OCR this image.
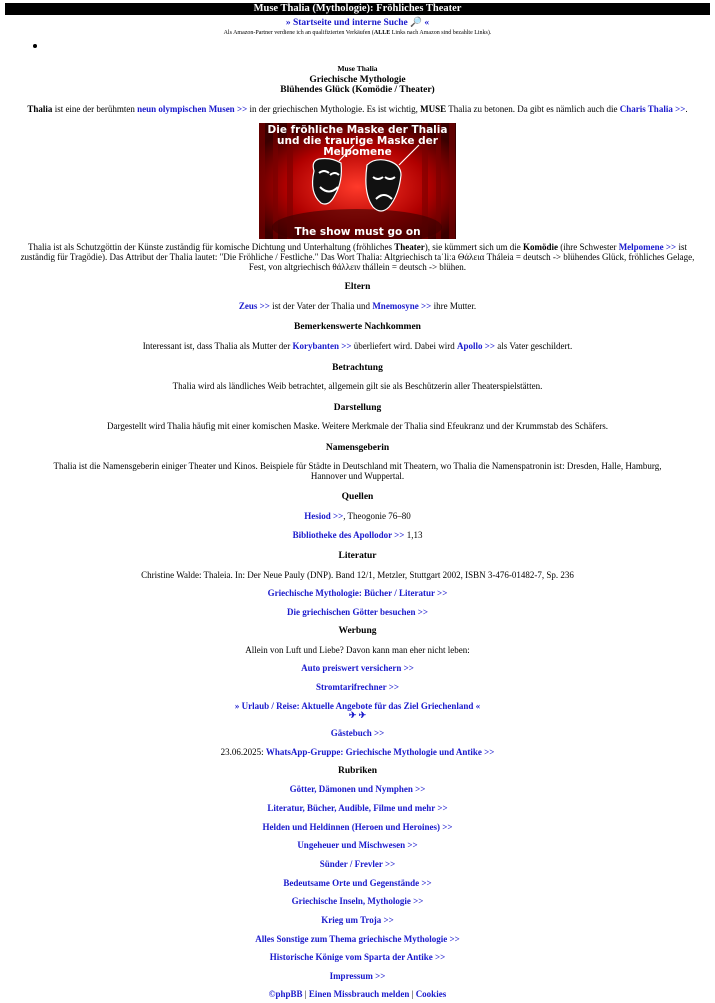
Muse Thalia (Mythologie): Fröhliches Theater
» Startseite und interne Suche 🔎 «
Als Amazon-Partner verdiene ich an qualifizierten Verkäufen (ALLE Links nach Amazon sind bezahlte Links).
Muse Thalia
Griechische Mythologie
Blühendes Glück (Komödie / Theater)
Thalia ist eine der berühmten neun olympischen Musen >> in der griechischen Mythologie. Es ist wichtig, MUSE Thalia zu betonen. Da gibt es nämlich auch die Charis Thalia >>.
Die fröhliche Maske der Thalia und die traurige Maske der Melpomene
The show must go on
Thalia ist als Schutzgöttin der Künste zuständig für komische Dichtung und Unterhaltung (fröhliches Theater), sie kümmert sich um die Komödie (ihre Schwester Melpomene >> ist zuständig für Tragödie). Das Attribut der Thalia lautet: "Die Fröhliche / Festliche." Das Wort Thalia: Altgriechisch taˈliːa Θάλεια Tháleia = deutsch -> blühendes Glück, fröhliches Gelage, Fest, von altgriechisch θάλλειν thállein = deutsch -> blühen.
Eltern
Zeus >> ist der Vater der Thalia und Mnemosyne >> ihre Mutter.
Bemerkenswerte Nachkommen
Interessant ist, dass Thalia als Mutter der Korybanten >> überliefert wird. Dabei wird Apollo >> als Vater geschildert.
Betrachtung
Thalia wird als ländliches Weib betrachtet, allgemein gilt sie als Beschützerin aller Theaterspielstätten.
Darstellung
Dargestellt wird Thalia häufig mit einer komischen Maske. Weitere Merkmale der Thalia sind Efeukranz und der Krummstab des Schäfers.
Namensgeberin
Thalia ist die Namensgeberin einiger Theater und Kinos. Beispiele für Städte in Deutschland mit Theatern, wo Thalia die Namenspatronin ist: Dresden, Halle, Hamburg, Hannover und Wuppertal.
Quellen
Hesiod >>, Theogonie 76–80
Bibliotheke des Apollodor >> 1,13
Literatur
Christine Walde: Thaleia. In: Der Neue Pauly (DNP). Band 12/1, Metzler, Stuttgart 2002, ISBN 3-476-01482-7, Sp. 236
Griechische Mythologie: Bücher / Literatur >>
Die griechischen Götter besuchen >>
Werbung
Allein von Luft und Liebe? Davon kann man eher nicht leben:
Auto preiswert versichern >>
Stromtarifrechner >>
» Urlaub / Reise: Aktuelle Angebote für das Ziel Griechenland «
✈ ✈
Gästebuch >>
23.06.2025: WhatsApp-Gruppe: Griechische Mythologie und Antike >>
Rubriken
Götter, Dämonen und Nymphen >>
Literatur, Bücher, Audible, Filme und mehr >>
Helden und Heldinnen (Heroen und Heroines) >>
Ungeheuer und Mischwesen >>
Sünder / Frevler >>
Bedeutsame Orte und Gegenstände >>
Griechische Inseln, Mythologie >>
Krieg um Troja >>
Alles Sonstige zum Thema griechische Mythologie >>
Historische Könige vom Sparta der Antike >>
Impressum >>
©phpBB | Einen Missbrauch melden | Cookies
